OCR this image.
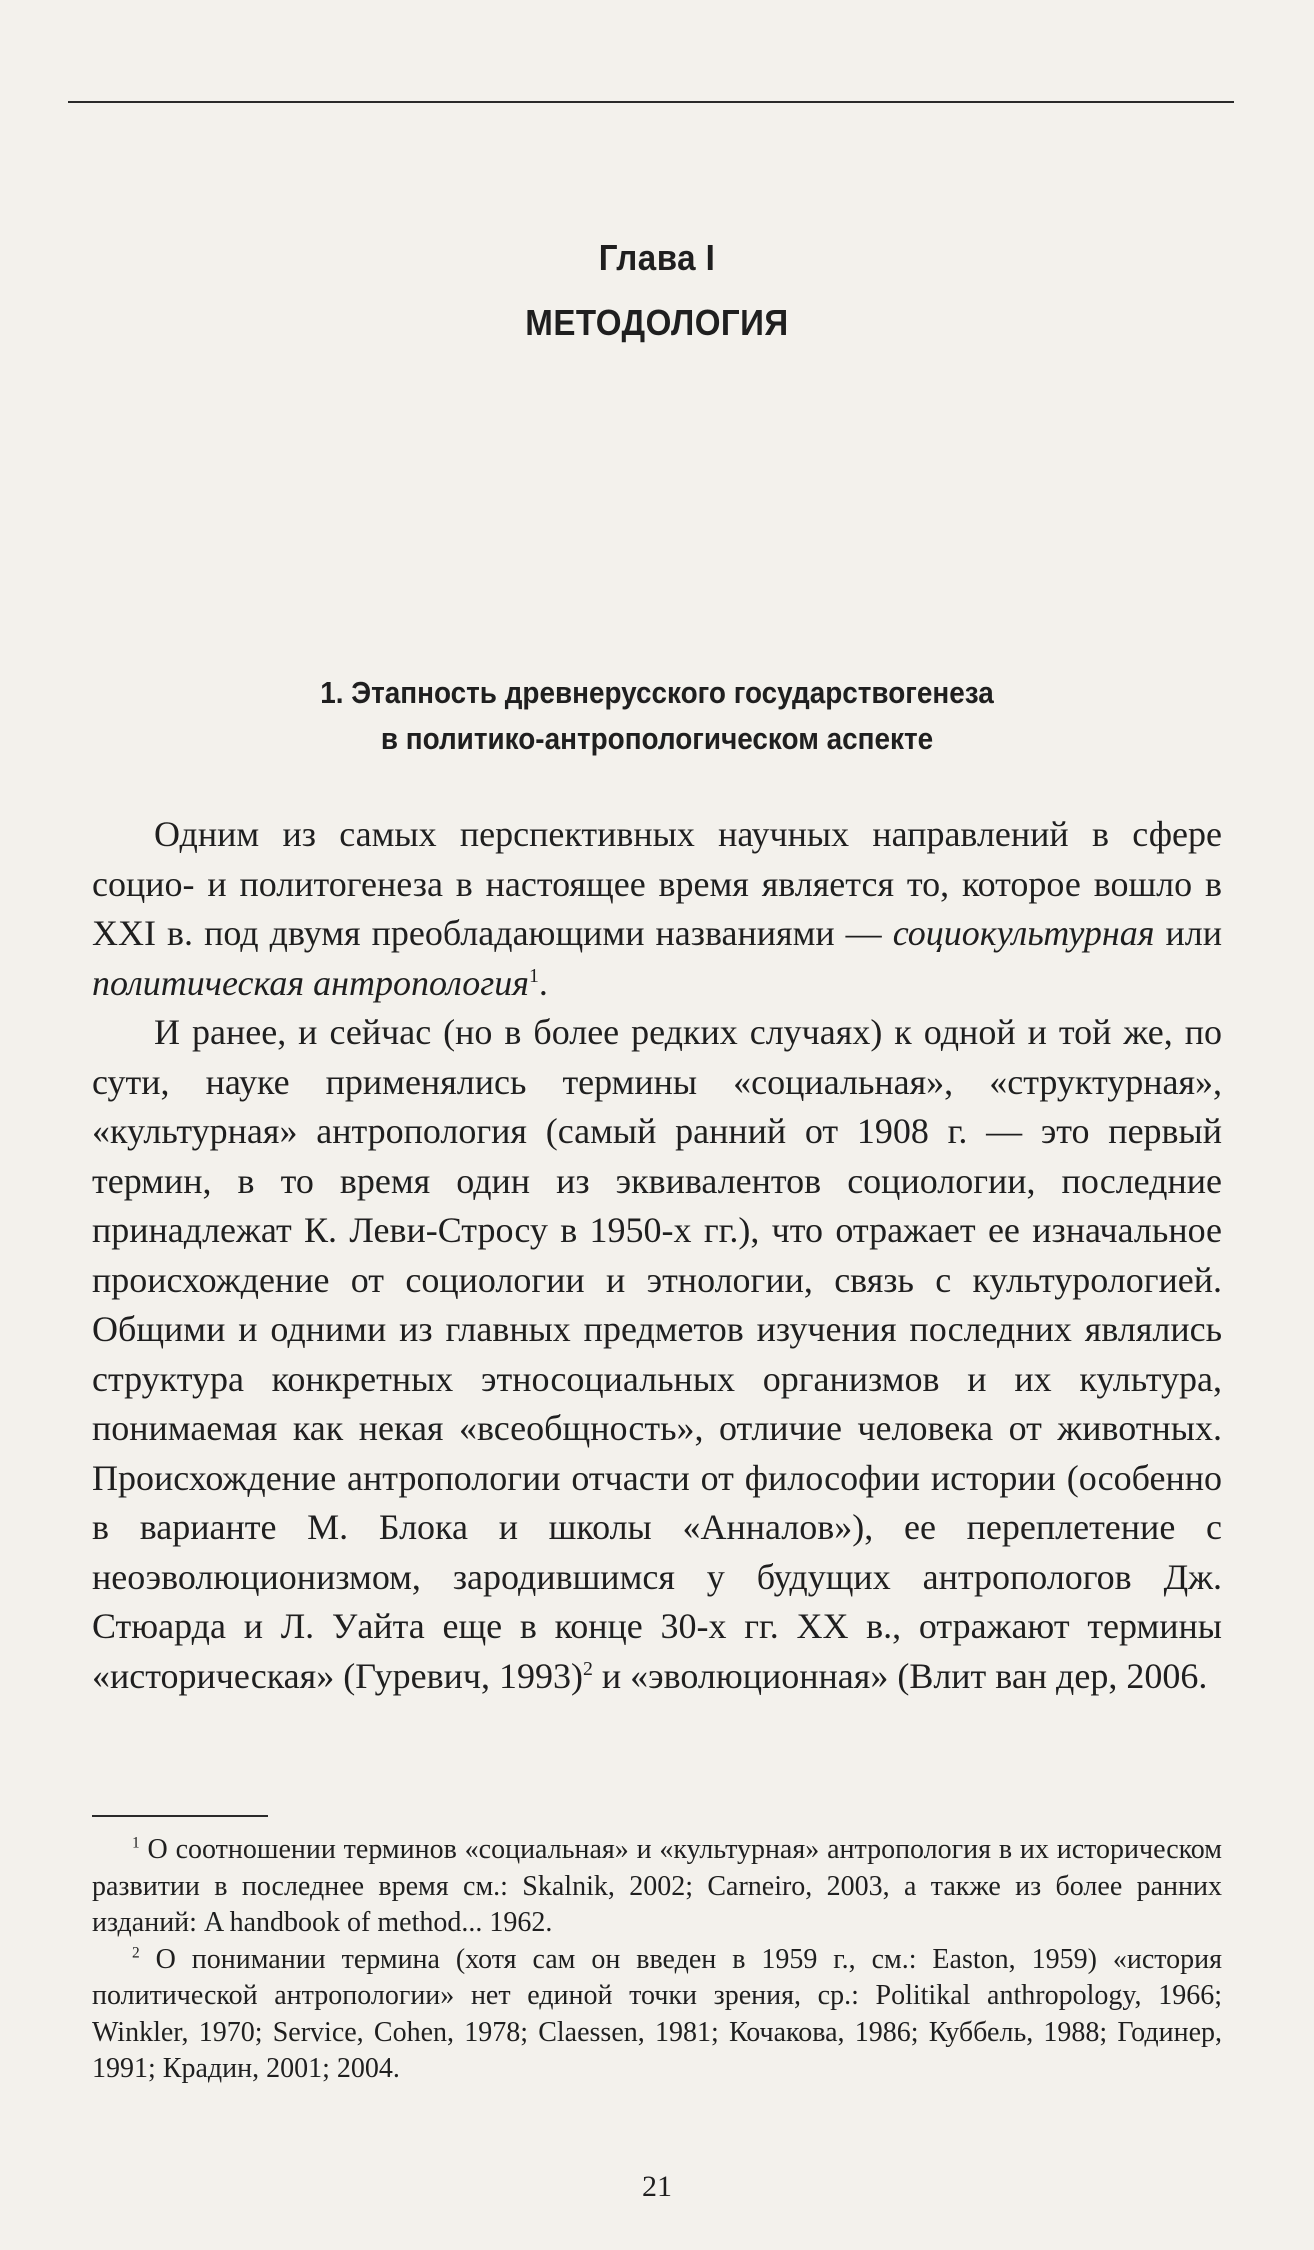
Глава I
МЕТОДОЛОГИЯ
1. Этапность древнерусского государствогенеза
в политико-антропологическом аспекте

Одним из самых перспективных научных направлений в сфере социо- и политогенеза в настоящее время является то, которое вошло в XXI в. под двумя преобладающими названиями — социокультурная или политическая антропология$^1$.

И ранее, и сейчас (но в более редких случаях) к одной и той же, по сути, науке применялись термины «социальная», «структурная», «культурная» антропология (самый ранний от 1908 г. — это первый термин, в то время один из эквивалентов социологии, последние принадлежат К. Леви-Стросу в 1950-х гг.), что отражает ее изначальное происхождение от социологии и этнологии, связь с культурологией. Общими и одними из главных предметов изучения последних являлись структура конкретных этносоциальных организмов и их культура, понимаемая как некая «всеобщность», отличие человека от животных. Происхождение антропологии отчасти от философии истории (особенно в варианте М. Блока и школы «Анналов»), ее переплетение с неоэволюционизмом, зародившимся у будущих антропологов Дж. Стюарда и Л. Уайта еще в конце 30-х гг. XX в., отражают термины «историческая» (Гуревич, 1993)$^2$ и «эволюционная» (Влит ван дер, 2006.

$^1$ О соотношении терминов «социальная» и «культурная» антропология в их историческом развитии в последнее время см.: Skalnik, 2002; Carneiro, 2003, а также из более ранних изданий: A handbook of method... 1962.

$^2$ О понимании термина (хотя сам он введен в 1959 г., см.: Easton, 1959) «история политической антропологии» нет единой точки зрения, ср.: Politikal anthropology, 1966; Winkler, 1970; Service, Cohen, 1978; Claessen, 1981; Кочакова, 1986; Куббель, 1988; Годинер, 1991; Крадин, 2001; 2004.

21
